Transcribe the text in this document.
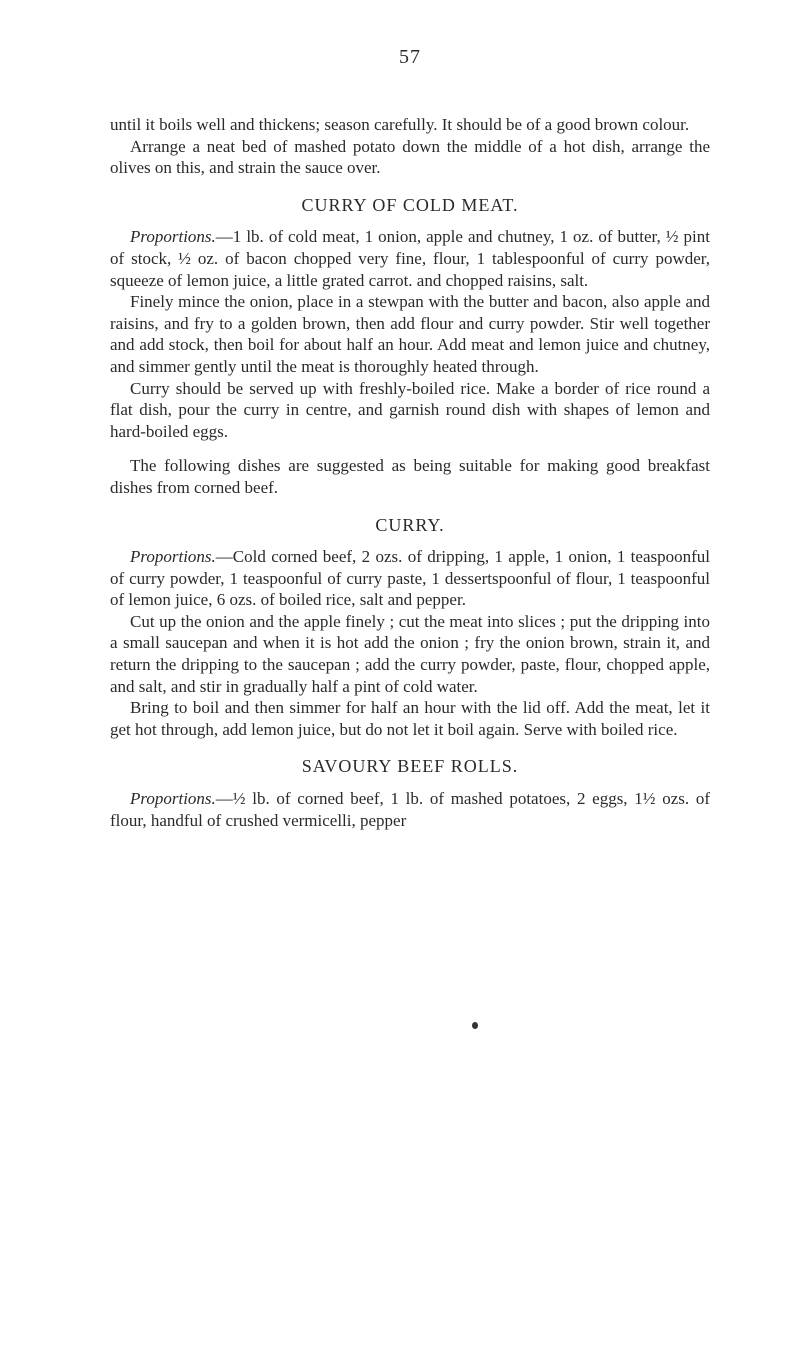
57

until it boils well and thickens; season carefully. It should be of a good brown colour.

Arrange a neat bed of mashed potato down the middle of a hot dish, arrange the olives on this, and strain the sauce over.

CURRY OF COLD MEAT.

Proportions.—1 lb. of cold meat, 1 onion, apple and chutney, 1 oz. of butter, ½ pint of stock, ½ oz. of bacon chopped very fine, flour, 1 tablespoonful of curry powder, squeeze of lemon juice, a little grated carrot. and chopped raisins, salt.

Finely mince the onion, place in a stewpan with the butter and bacon, also apple and raisins, and fry to a golden brown, then add flour and curry powder. Stir well together and add stock, then boil for about half an hour. Add meat and lemon juice and chutney, and simmer gently until the meat is thoroughly heated through.

Curry should be served up with freshly-boiled rice. Make a border of rice round a flat dish, pour the curry in centre, and garnish round dish with shapes of lemon and hard-boiled eggs.

The following dishes are suggested as being suitable for making good breakfast dishes from corned beef.

CURRY.

Proportions.—Cold corned beef, 2 ozs. of dripping, 1 apple, 1 onion, 1 teaspoonful of curry powder, 1 teaspoonful of curry paste, 1 dessertspoonful of flour, 1 teaspoonful of lemon juice, 6 ozs. of boiled rice, salt and pepper.

Cut up the onion and the apple finely ; cut the meat into slices ; put the dripping into a small saucepan and when it is hot add the onion ; fry the onion brown, strain it, and return the dripping to the saucepan ; add the curry powder, paste, flour, chopped apple, and salt, and stir in gradually half a pint of cold water.

Bring to boil and then simmer for half an hour with the lid off. Add the meat, let it get hot through, add lemon juice, but do not let it boil again. Serve with boiled rice.

SAVOURY BEEF ROLLS.

Proportions.—½ lb. of corned beef, 1 lb. of mashed potatoes, 2 eggs, 1½ ozs. of flour, handful of crushed vermicelli, pepper
